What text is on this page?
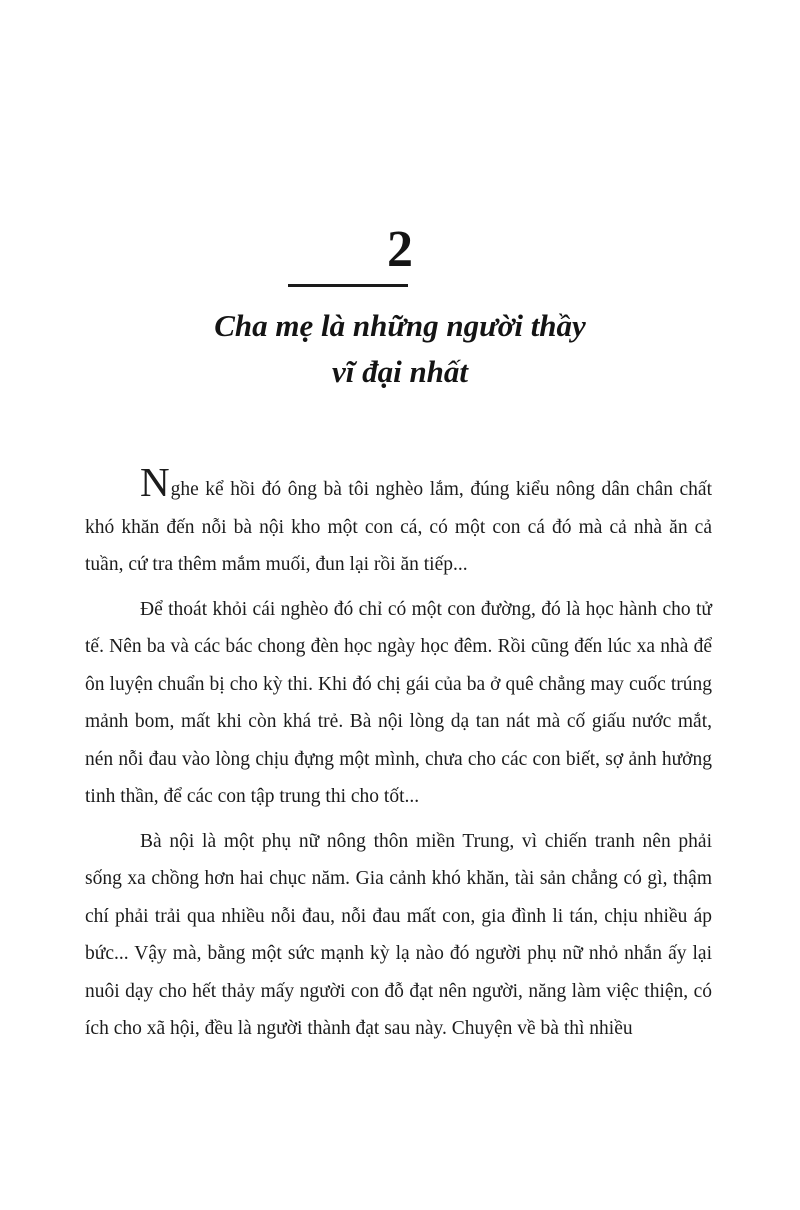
2
Cha mẹ là những người thầy
vĩ đại nhất

Nghe kể hồi đó ông bà tôi nghèo lắm, đúng kiểu nông dân chân chất khó khăn đến nỗi bà nội kho một con cá, có một con cá đó mà cả nhà ăn cả tuần, cứ tra thêm mắm muối, đun lại rồi ăn tiếp...

Để thoát khỏi cái nghèo đó chỉ có một con đường, đó là học hành cho tử tế. Nên ba và các bác chong đèn học ngày học đêm. Rồi cũng đến lúc xa nhà để ôn luyện chuẩn bị cho kỳ thi. Khi đó chị gái của ba ở quê chẳng may cuốc trúng mảnh bom, mất khi còn khá trẻ. Bà nội lòng dạ tan nát mà cố giấu nước mắt, nén nỗi đau vào lòng chịu đựng một mình, chưa cho các con biết, sợ ảnh hưởng tinh thần, để các con tập trung thi cho tốt...

Bà nội là một phụ nữ nông thôn miền Trung, vì chiến tranh nên phải sống xa chồng hơn hai chục năm. Gia cảnh khó khăn, tài sản chẳng có gì, thậm chí phải trải qua nhiều nỗi đau, nỗi đau mất con, gia đình li tán, chịu nhiều áp bức... Vậy mà, bằng một sức mạnh kỳ lạ nào đó người phụ nữ nhỏ nhắn ấy lại nuôi dạy cho hết thảy mấy người con đỗ đạt nên người, năng làm việc thiện, có ích cho xã hội, đều là người thành đạt sau này. Chuyện về bà thì nhiều
